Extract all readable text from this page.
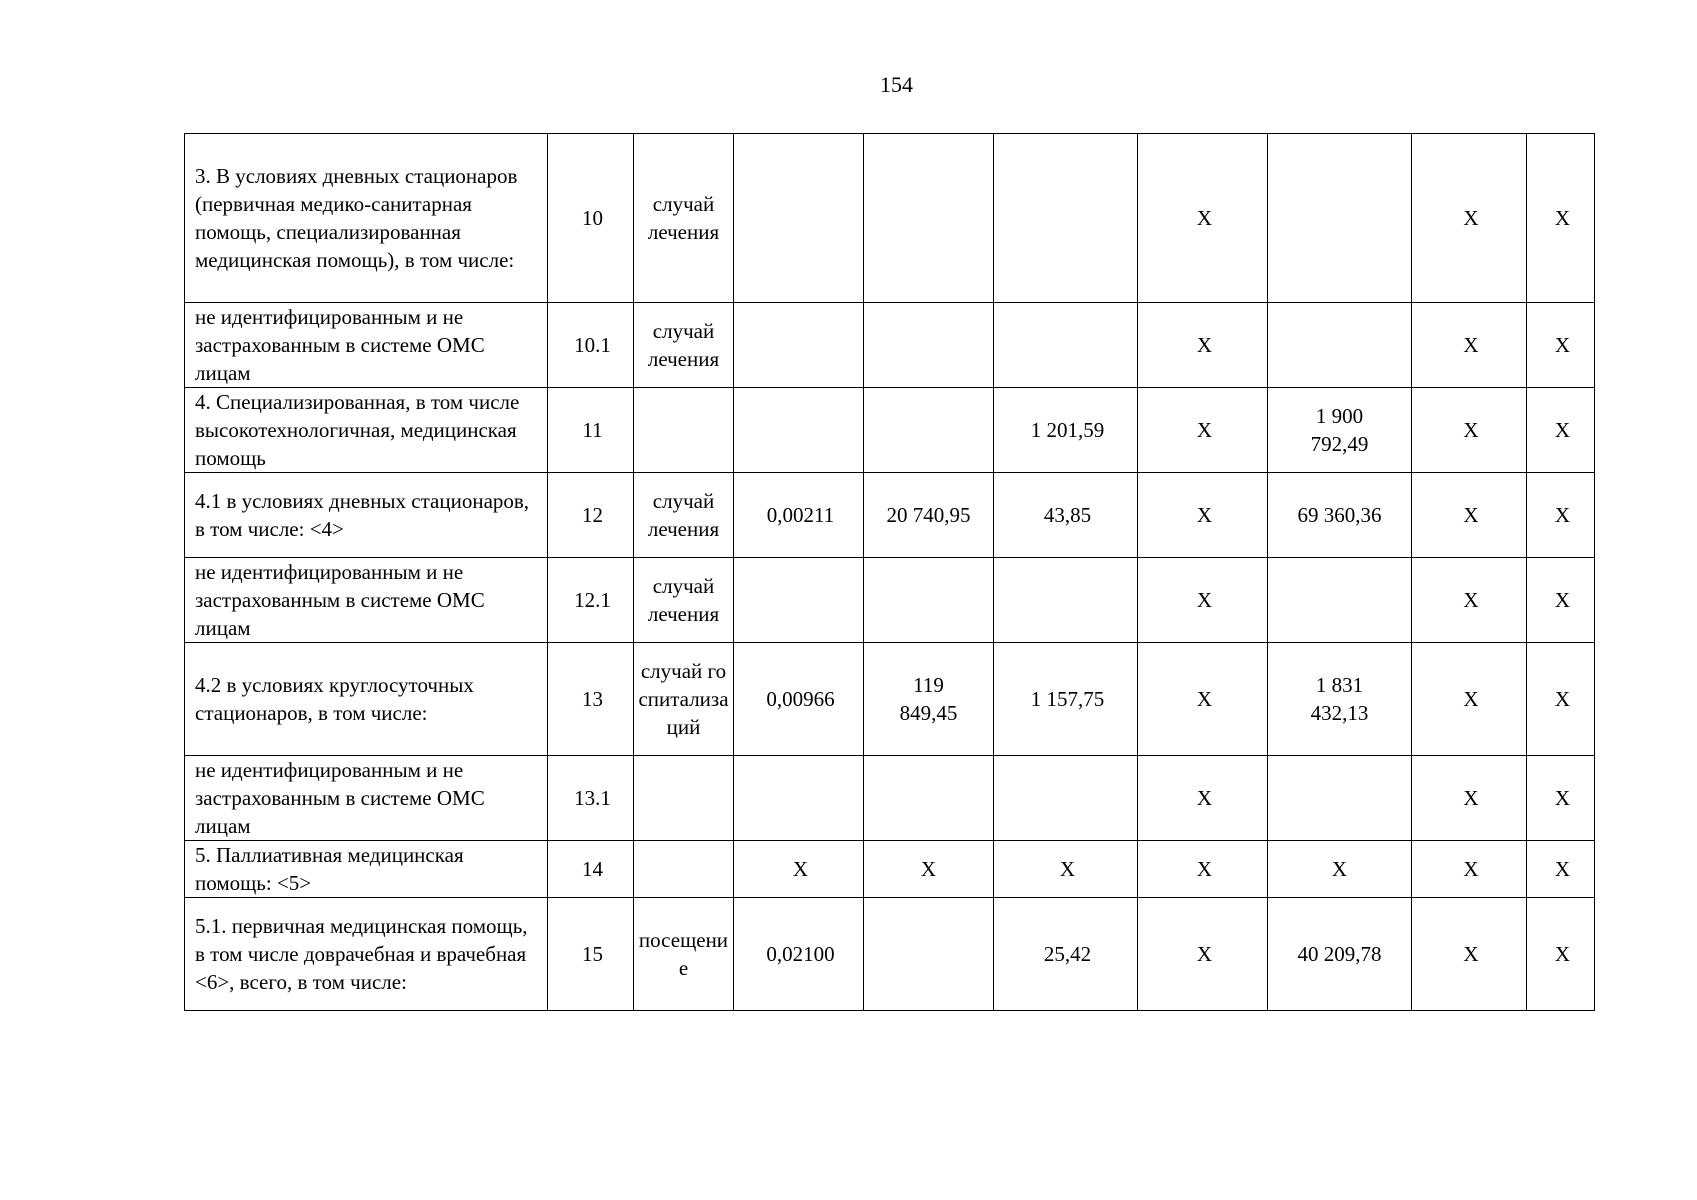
154
3. В условиях дневных стационаров (первичная медико-санитарная помощь, специализированная медицинская помощь), в том числе:	10	случай лечения				X		X	X
не идентифицированным и не застрахованным в системе ОМС лицам	10.1	случай лечения				X		X	X
4. Специализированная, в том числе высокотехнологичная, медицинская помощь	11				1 201,59	X	1 900 792,49	X	X
4.1 в условиях дневных стационаров, в том числе: <4>	12	случай лечения	0,00211	20 740,95	43,85	X	69 360,36	X	X
не идентифицированным и не застрахованным в системе ОМС лицам	12.1	случай лечения				X		X	X
4.2 в условиях круглосуточных стационаров, в том числе:	13	случай госпитализаций	0,00966	119 849,45	1 157,75	X	1 831 432,13	X	X
не идентифицированным и не застрахованным в системе ОМС лицам	13.1					X		X	X
5. Паллиативная медицинская помощь: <5>	14		X	X	X	X	X	X	X
5.1. первичная медицинская помощь, в том числе доврачебная и врачебная <6>, всего, в том числе:	15	посещение	0,02100		25,42	X	40 209,78	X	X
